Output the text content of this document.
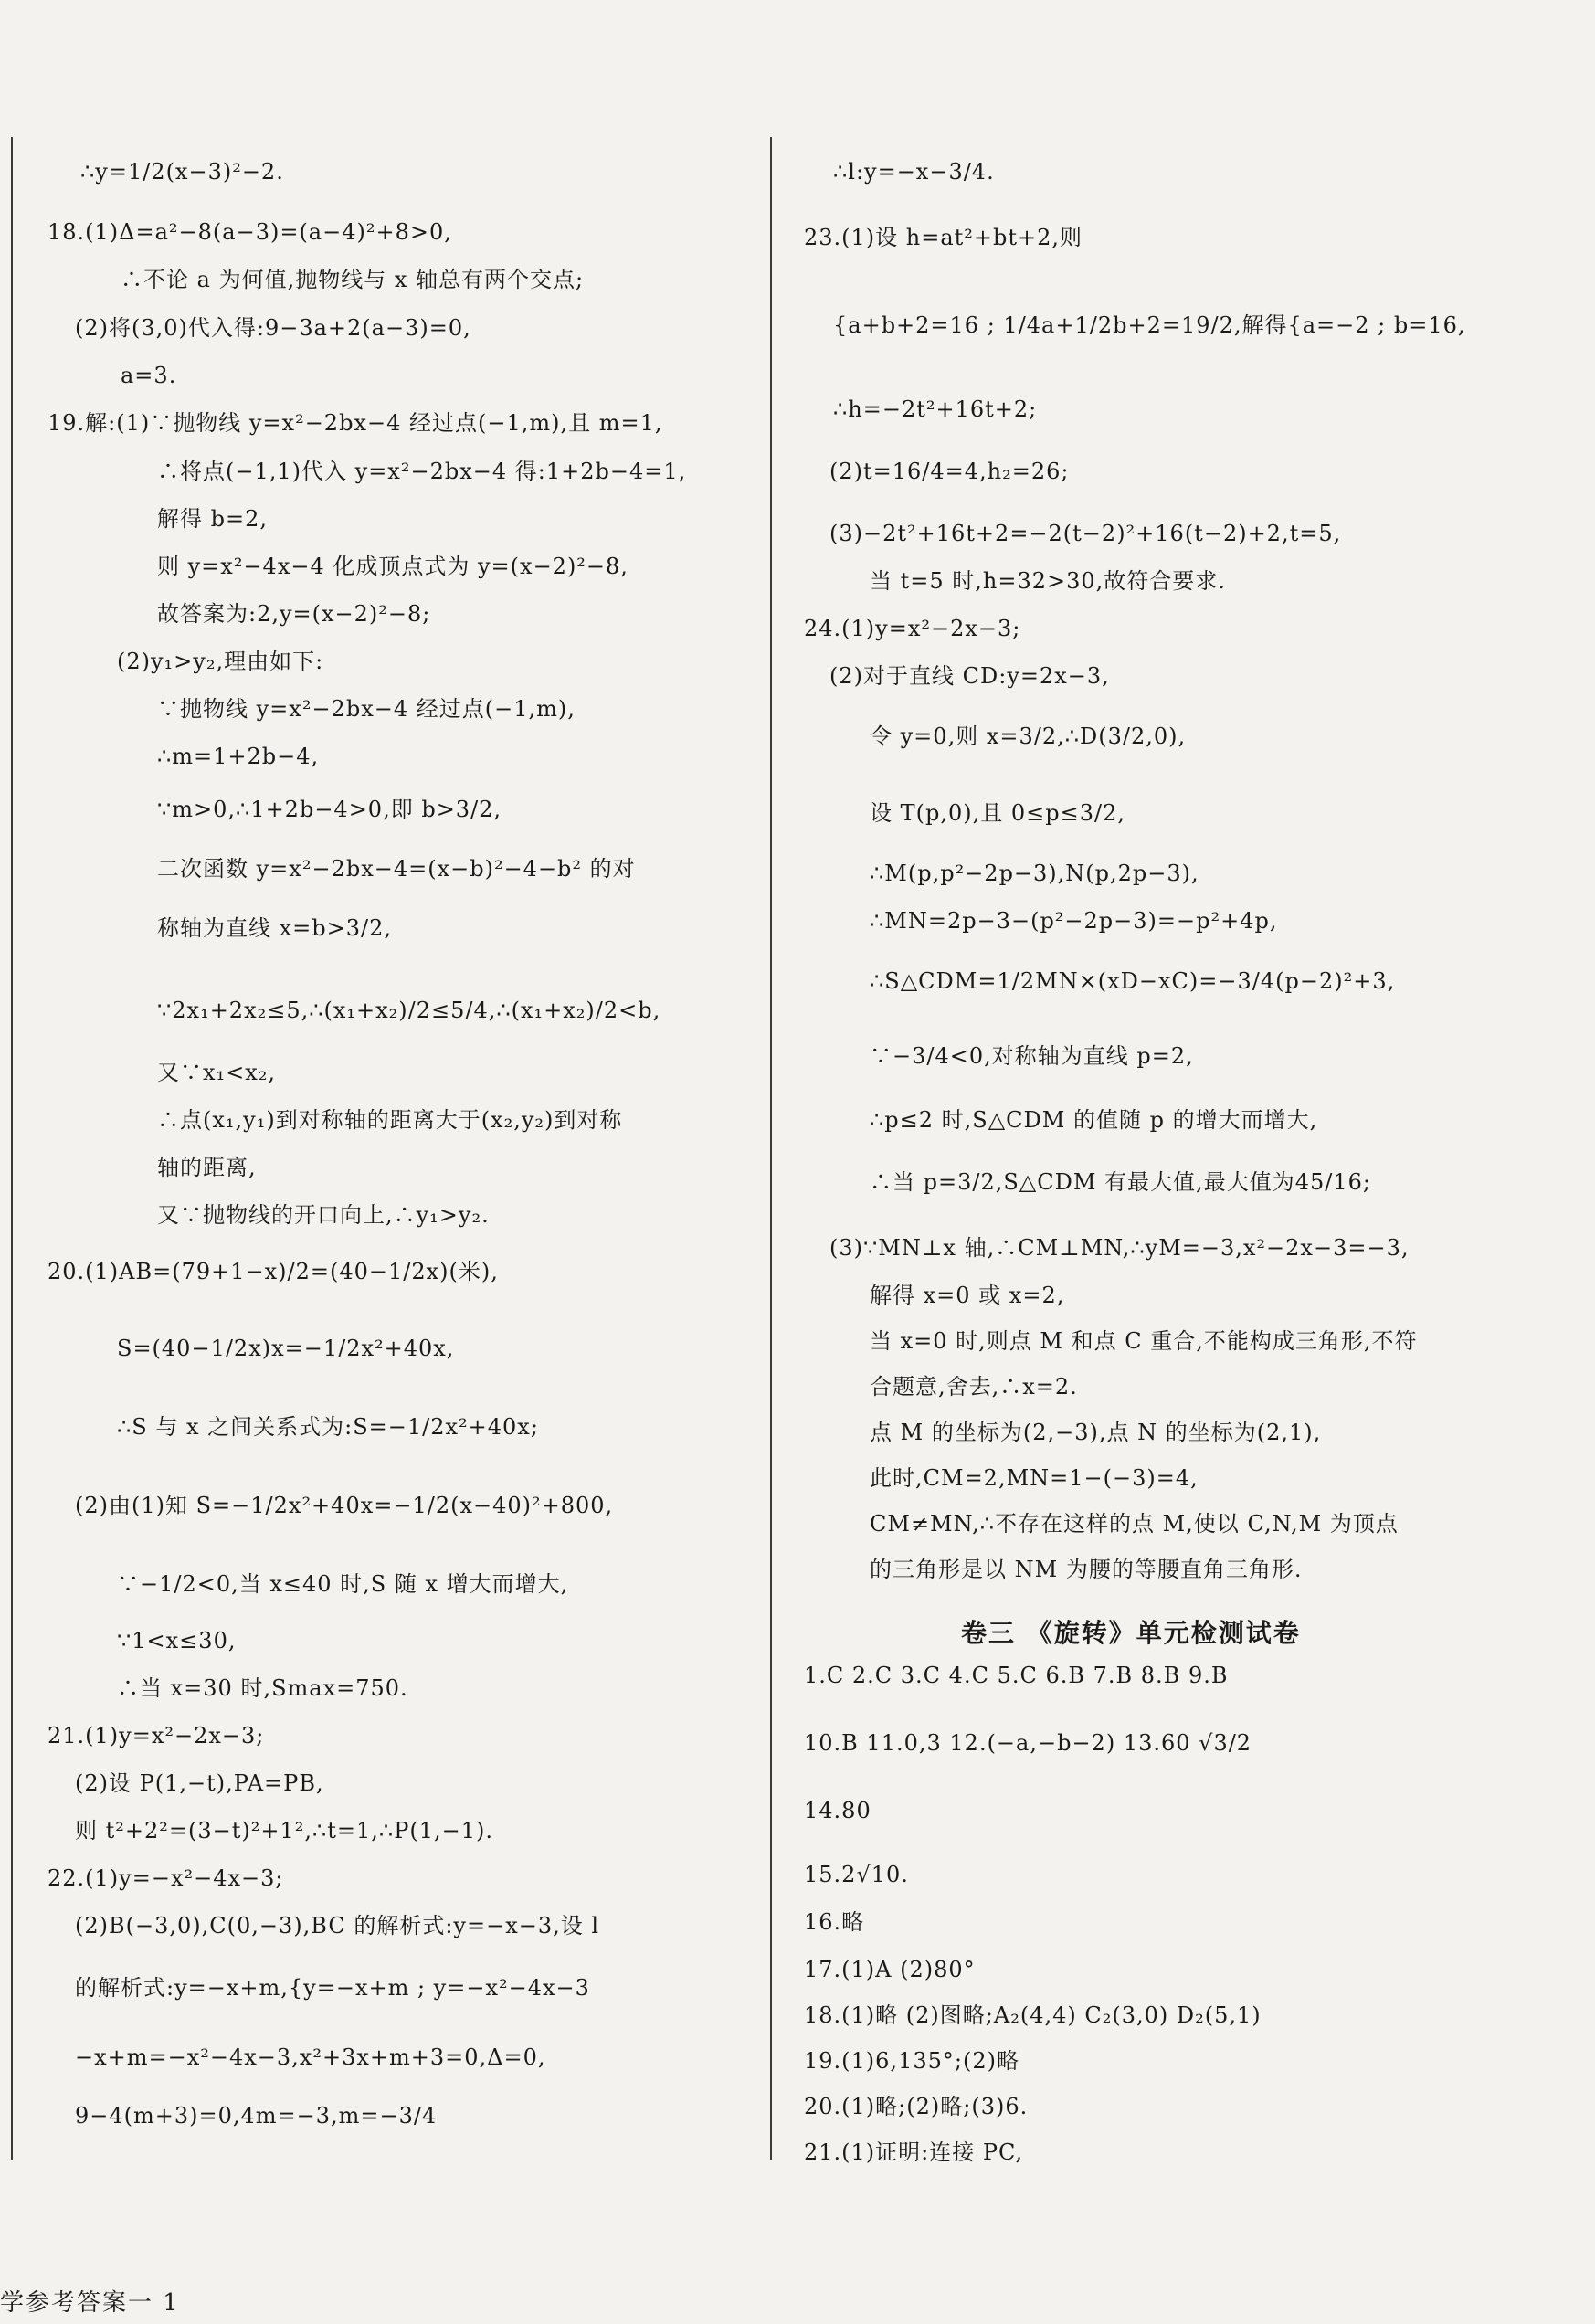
∴y=1/2(x−3)²−2.
18.(1)Δ=a²−8(a−3)=(a−4)²+8>0,
∴不论 a 为何值,抛物线与 x 轴总有两个交点;
(2)将(3,0)代入得:9−3a+2(a−3)=0,
a=3.
19.解:(1)∵抛物线 y=x²−2bx−4 经过点(−1,m),且 m=1,
∴将点(−1,1)代入 y=x²−2bx−4 得:1+2b−4=1,
解得 b=2,
则 y=x²−4x−4 化成顶点式为 y=(x−2)²−8,
故答案为:2,y=(x−2)²−8;
(2)y₁>y₂,理由如下:
∵抛物线 y=x²−2bx−4 经过点(−1,m),
∴m=1+2b−4,
∵m>0,∴1+2b−4>0,即 b>3/2,
二次函数 y=x²−2bx−4=(x−b)²−4−b² 的对
称轴为直线 x=b>3/2,
∵2x₁+2x₂≤5,∴(x₁+x₂)/2≤5/4,∴(x₁+x₂)/2<b,
又∵x₁<x₂,
∴点(x₁,y₁)到对称轴的距离大于(x₂,y₂)到对称
轴的距离,
又∵抛物线的开口向上,∴y₁>y₂.
20.(1)AB=(79+1−x)/2=(40−1/2x)(米),
S=(40−1/2x)x=−1/2x²+40x,
∴S 与 x 之间关系式为:S=−1/2x²+40x;
(2)由(1)知 S=−1/2x²+40x=−1/2(x−40)²+800,
∵−1/2<0,当 x≤40 时,S 随 x 增大而增大,
∵1<x≤30,
∴当 x=30 时,Smax=750.
21.(1)y=x²−2x−3;
(2)设 P(1,−t),PA=PB,
则 t²+2²=(3−t)²+1²,∴t=1,∴P(1,−1).
22.(1)y=−x²−4x−3;
(2)B(−3,0),C(0,−3),BC 的解析式:y=−x−3,设 l
的解析式:y=−x+m,{y=−x+m ; y=−x²−4x−3
−x+m=−x²−4x−3,x²+3x+m+3=0,Δ=0,
9−4(m+3)=0,4m=−3,m=−3/4
∴l:y=−x−3/4.
23.(1)设 h=at²+bt+2,则
{a+b+2=16 ; 1/4a+1/2b+2=19/2,解得{a=−2 ; b=16,
∴h=−2t²+16t+2;
(2)t=16/4=4,h₂=26;
(3)−2t²+16t+2=−2(t−2)²+16(t−2)+2,t=5,
当 t=5 时,h=32>30,故符合要求.
24.(1)y=x²−2x−3;
(2)对于直线 CD:y=2x−3,
令 y=0,则 x=3/2,∴D(3/2,0),
设 T(p,0),且 0≤p≤3/2,
∴M(p,p²−2p−3),N(p,2p−3),
∴MN=2p−3−(p²−2p−3)=−p²+4p,
∴S△CDM=1/2MN×(xD−xC)=−3/4(p−2)²+3,
∵−3/4<0,对称轴为直线 p=2,
∴p≤2 时,S△CDM 的值随 p 的增大而增大,
∴当 p=3/2,S△CDM 有最大值,最大值为45/16;
(3)∵MN⊥x 轴,∴CM⊥MN,∴yM=−3,x²−2x−3=−3,
解得 x=0 或 x=2,
当 x=0 时,则点 M 和点 C 重合,不能构成三角形,不符
合题意,舍去,∴x=2.
点 M 的坐标为(2,−3),点 N 的坐标为(2,1),
此时,CM=2,MN=1−(−3)=4,
CM≠MN,∴不存在这样的点 M,使以 C,N,M 为顶点
的三角形是以 NM 为腰的等腰直角三角形.
卷三 《旋转》单元检测试卷
1.C 2.C 3.C 4.C 5.C 6.B 7.B 8.B 9.B
10.B 11.0,3 12.(−a,−b−2) 13.60 √3/2
14.80
15.2√10.
16.略
17.(1)A (2)80°
18.(1)略 (2)图略;A₂(4,4) C₂(3,0) D₂(5,1)
19.(1)6,135°;(2)略
20.(1)略;(2)略;(3)6.
21.(1)证明:连接 PC,
学参考答案一 1
